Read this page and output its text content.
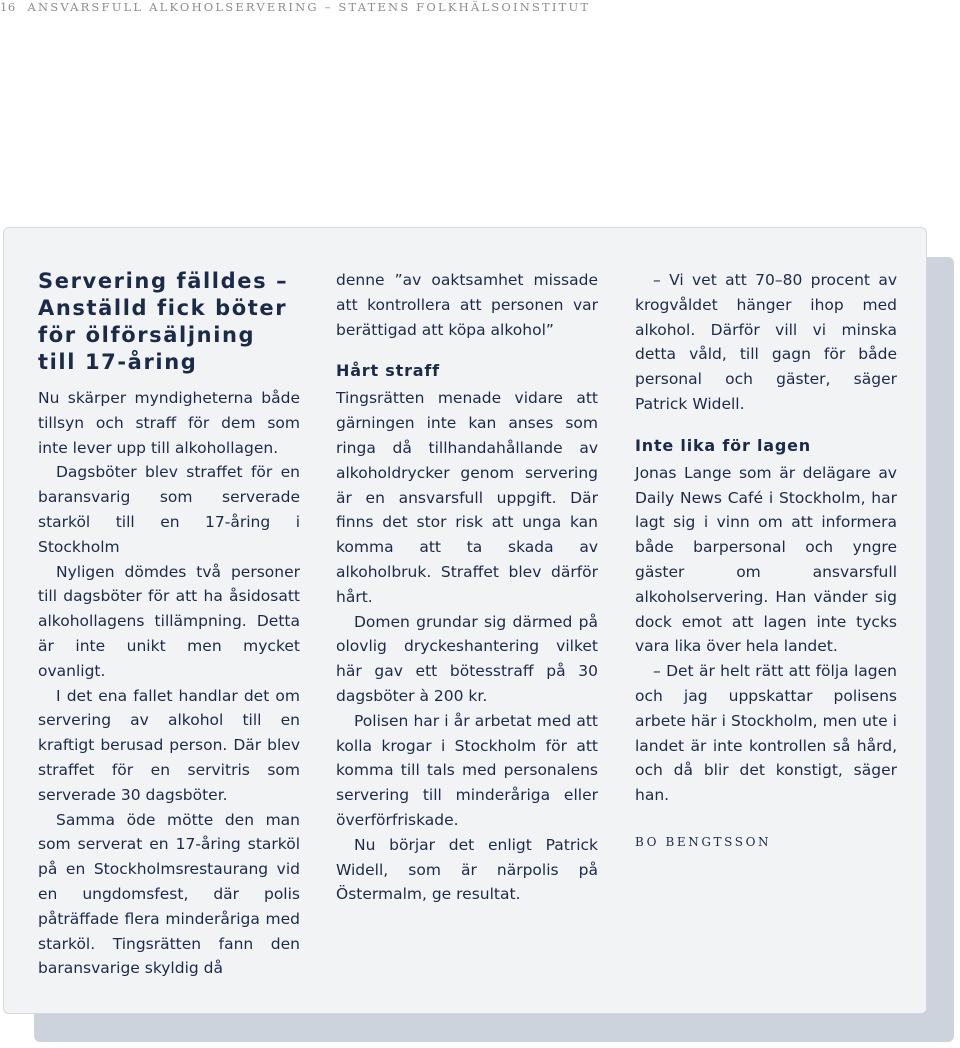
16 ANSVARSFULL ALKOHOLSERVERING – STATENS FOLKHÄLSOINSTITUT
Servering fälldes – Anställd fick böter för ölförsäljning till 17-åring

Nu skärper myndigheterna både tillsyn och straff för dem som inte lever upp till alkohollagen.

Dagsböter blev straffet för en baransvarig som serverade starköl till en 17-åring i Stockholm

Nyligen dömdes två personer till dagsböter för att ha åsidosatt alkohollagens tillämpning. Detta är inte unikt men mycket ovanligt.

I det ena fallet handlar det om servering av alkohol till en kraftigt berusad person. Där blev straffet för en servitris som serverade 30 dagsböter.

Samma öde mötte den man som serverat en 17-åring starköl på en Stockholmsrestaurang vid en ungdomsfest, där polis påträffade flera minderåriga med starköl. Tingsrätten fann den baransvarige skyldig då

denne ”av oaktsamhet missade att kontrollera att personen var berättigad att köpa alkohol”

Hårt straff

Tingsrätten menade vidare att gärningen inte kan anses som ringa då tillhandahållande av alkoholdrycker genom servering är en ansvarsfull uppgift. Där finns det stor risk att unga kan komma att ta skada av alkoholbruk. Straffet blev därför hårt.

Domen grundar sig därmed på olovlig dryckeshantering vilket här gav ett bötesstraff på 30 dagsböter à 200 kr.

Polisen har i år arbetat med att kolla krogar i Stockholm för att komma till tals med personalens servering till minderåriga eller överförfriskade.

Nu börjar det enligt Patrick Widell, som är närpolis på Östermalm, ge resultat.

– Vi vet att 70–80 procent av krogvåldet hänger ihop med alkohol. Därför vill vi minska detta våld, till gagn för både personal och gäster, säger Patrick Widell.

Inte lika för lagen

Jonas Lange som är delägare av Daily News Café i Stockholm, har lagt sig i vinn om att informera både barpersonal och yngre gäster om ansvarsfull alkoholservering. Han vänder sig dock emot att lagen inte tycks vara lika över hela landet.

– Det är helt rätt att följa lagen och jag uppskattar polisens arbete här i Stockholm, men ute i landet är inte kontrollen så hård, och då blir det konstigt, säger han.

BO BENGTSSON
